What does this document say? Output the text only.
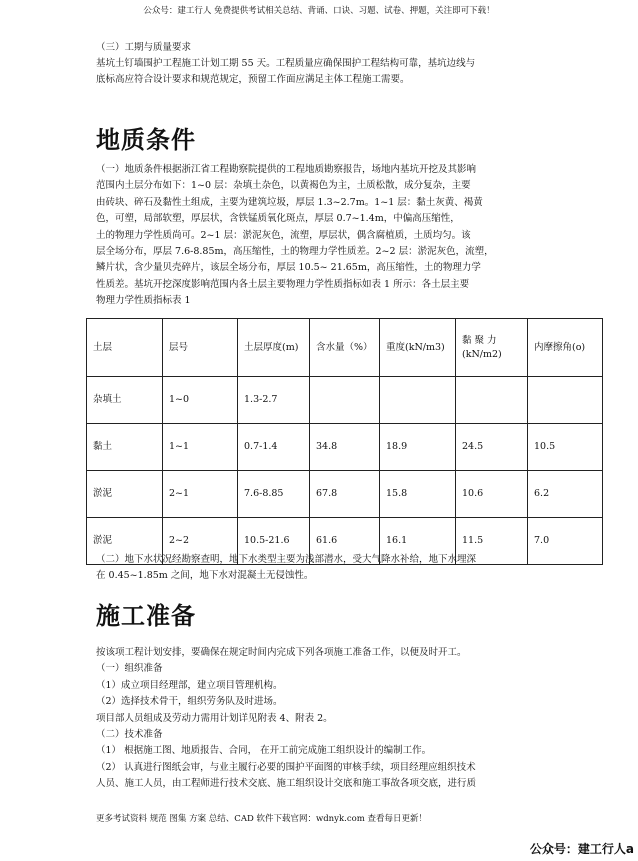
公众号：建工行人 免费提供考试相关总结、背诵、口诀、习题、试卷、押题，关注即可下载！
（三）工期与质量要求
基坑土钉墙围护工程施工计划工期 55 天。工程质量应确保围护工程结构可靠，基坑边线与
底标高应符合设计要求和规范规定，预留工作面应满足主体工程施工需要。
地质条件
（一）地质条件根据浙江省工程勘察院提供的工程地质勘察报告，场地内基坑开挖及其影响
范围内土层分布如下：1~0 层：杂填土杂色，以黄褐色为主，土质松散，成分复杂，主要
由砖块、碎石及黏性土组成，主要为建筑垃圾，厚层 1.3~2.7m。1~1 层：黏土灰黄、褐黄
色，可塑，局部软塑，厚层状，含铁锰质氧化斑点，厚层 0.7~1.4m，中偏高压缩性，
土的物理力学性质尚可。2~1 层：淤泥灰色，流塑，厚层状，偶含腐植质，土质均匀。该
层全场分布，厚层 7.6-8.85m，高压缩性，土的物理力学性质差。2~2 层：淤泥灰色，流塑，
鳞片状，含少量贝壳碎片，该层全场分布，厚层 10.5~ 21.65m，高压缩性，土的物理力学
性质差。基坑开挖深度影响范围内各土层主要物理力学性质指标如表 1 所示：各土层主要
物理力学性质指标表 1
土层	层号	土层厚度(m)	含水量（%）	重度(kN/m3)	黏 聚 力(kN/m2)	内摩擦角(o)
杂填土	1~0	1.3-2.7				
黏土	1~1	0.7-1.4	34.8	18.9	24.5	10.5
淤泥	2~1	7.6-8.85	67.8	15.8	10.6	6.2
淤泥	2~2	10.5-21.6	61.6	16.1	11.5	7.0
（二）地下水状况经勘察查明，地下水类型主要为浅部潜水，受大气降水补给，地下水埋深
在 0.45~1.85m 之间，地下水对混凝土无侵蚀性。
施工准备
按该项工程计划安排，要确保在规定时间内完成下列各项施工准备工作，以便及时开工。
（一）组织准备
（1）成立项目经理部，建立项目管理机构。
（2）选择技术骨干，组织劳务队及时进场。
项目部人员组成及劳动力需用计划详见附表 4、附表 2。
（二）技术准备
（1） 根据施工图、地质报告、合同， 在开工前完成施工组织设计的编制工作。
（2） 认真进行图纸会审，与业主履行必要的围护平面图的审核手续，项目经理应组织技术
人员、施工人员，由工程师进行技术交底、施工组织设计交底和施工事故各项交底，进行质
更多考试资料 规范 图集 方案 总结、CAD 软件下载官网：wdnyk.com 查看每日更新！
公众号：建工行人a
